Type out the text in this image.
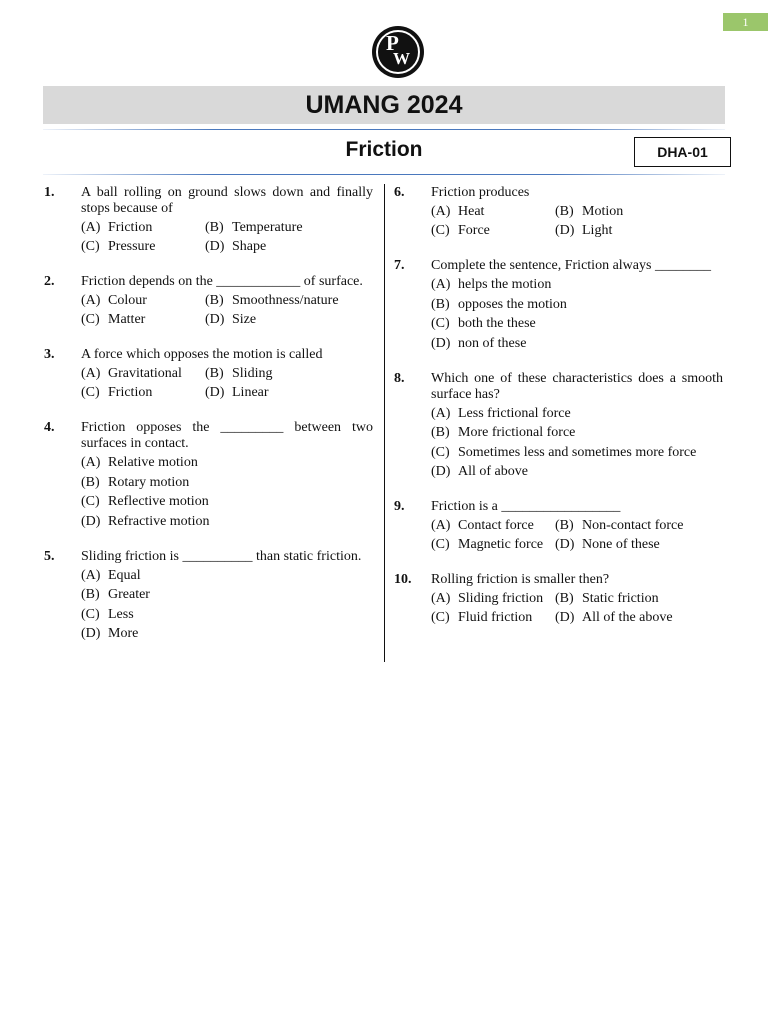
1
P
W
UMANG 2024
Friction	DHA-01
1. A ball rolling on ground slows down and finally stops because of
(A) Friction	(B) Temperature
(C) Pressure	(D) Shape
2. Friction depends on the ____________ of surface.
(A) Colour	(B) Smoothness/nature
(C) Matter	(D) Size
3. A force which opposes the motion is called
(A) Gravitational	(B) Sliding
(C) Friction	(D) Linear
4. Friction opposes the _________ between two surfaces in contact.
(A) Relative motion
(B) Rotary motion
(C) Reflective motion
(D) Refractive motion
5. Sliding friction is __________ than static friction.
(A) Equal
(B) Greater
(C) Less
(D) More
6. Friction produces
(A) Heat	(B) Motion
(C) Force	(D) Light
7. Complete the sentence, Friction always ________
(A) helps the motion
(B) opposes the motion
(C) both the these
(D) non of these
8. Which one of these characteristics does a smooth surface has?
(A) Less frictional force
(B) More frictional force
(C) Sometimes less and sometimes more force
(D) All of above
9. Friction is a _________________
(A) Contact force	(B) Non-contact force
(C) Magnetic force (D) None of these
10. Rolling friction is smaller then?
(A) Sliding friction (B) Static friction
(C) Fluid friction	(D) All of the above
